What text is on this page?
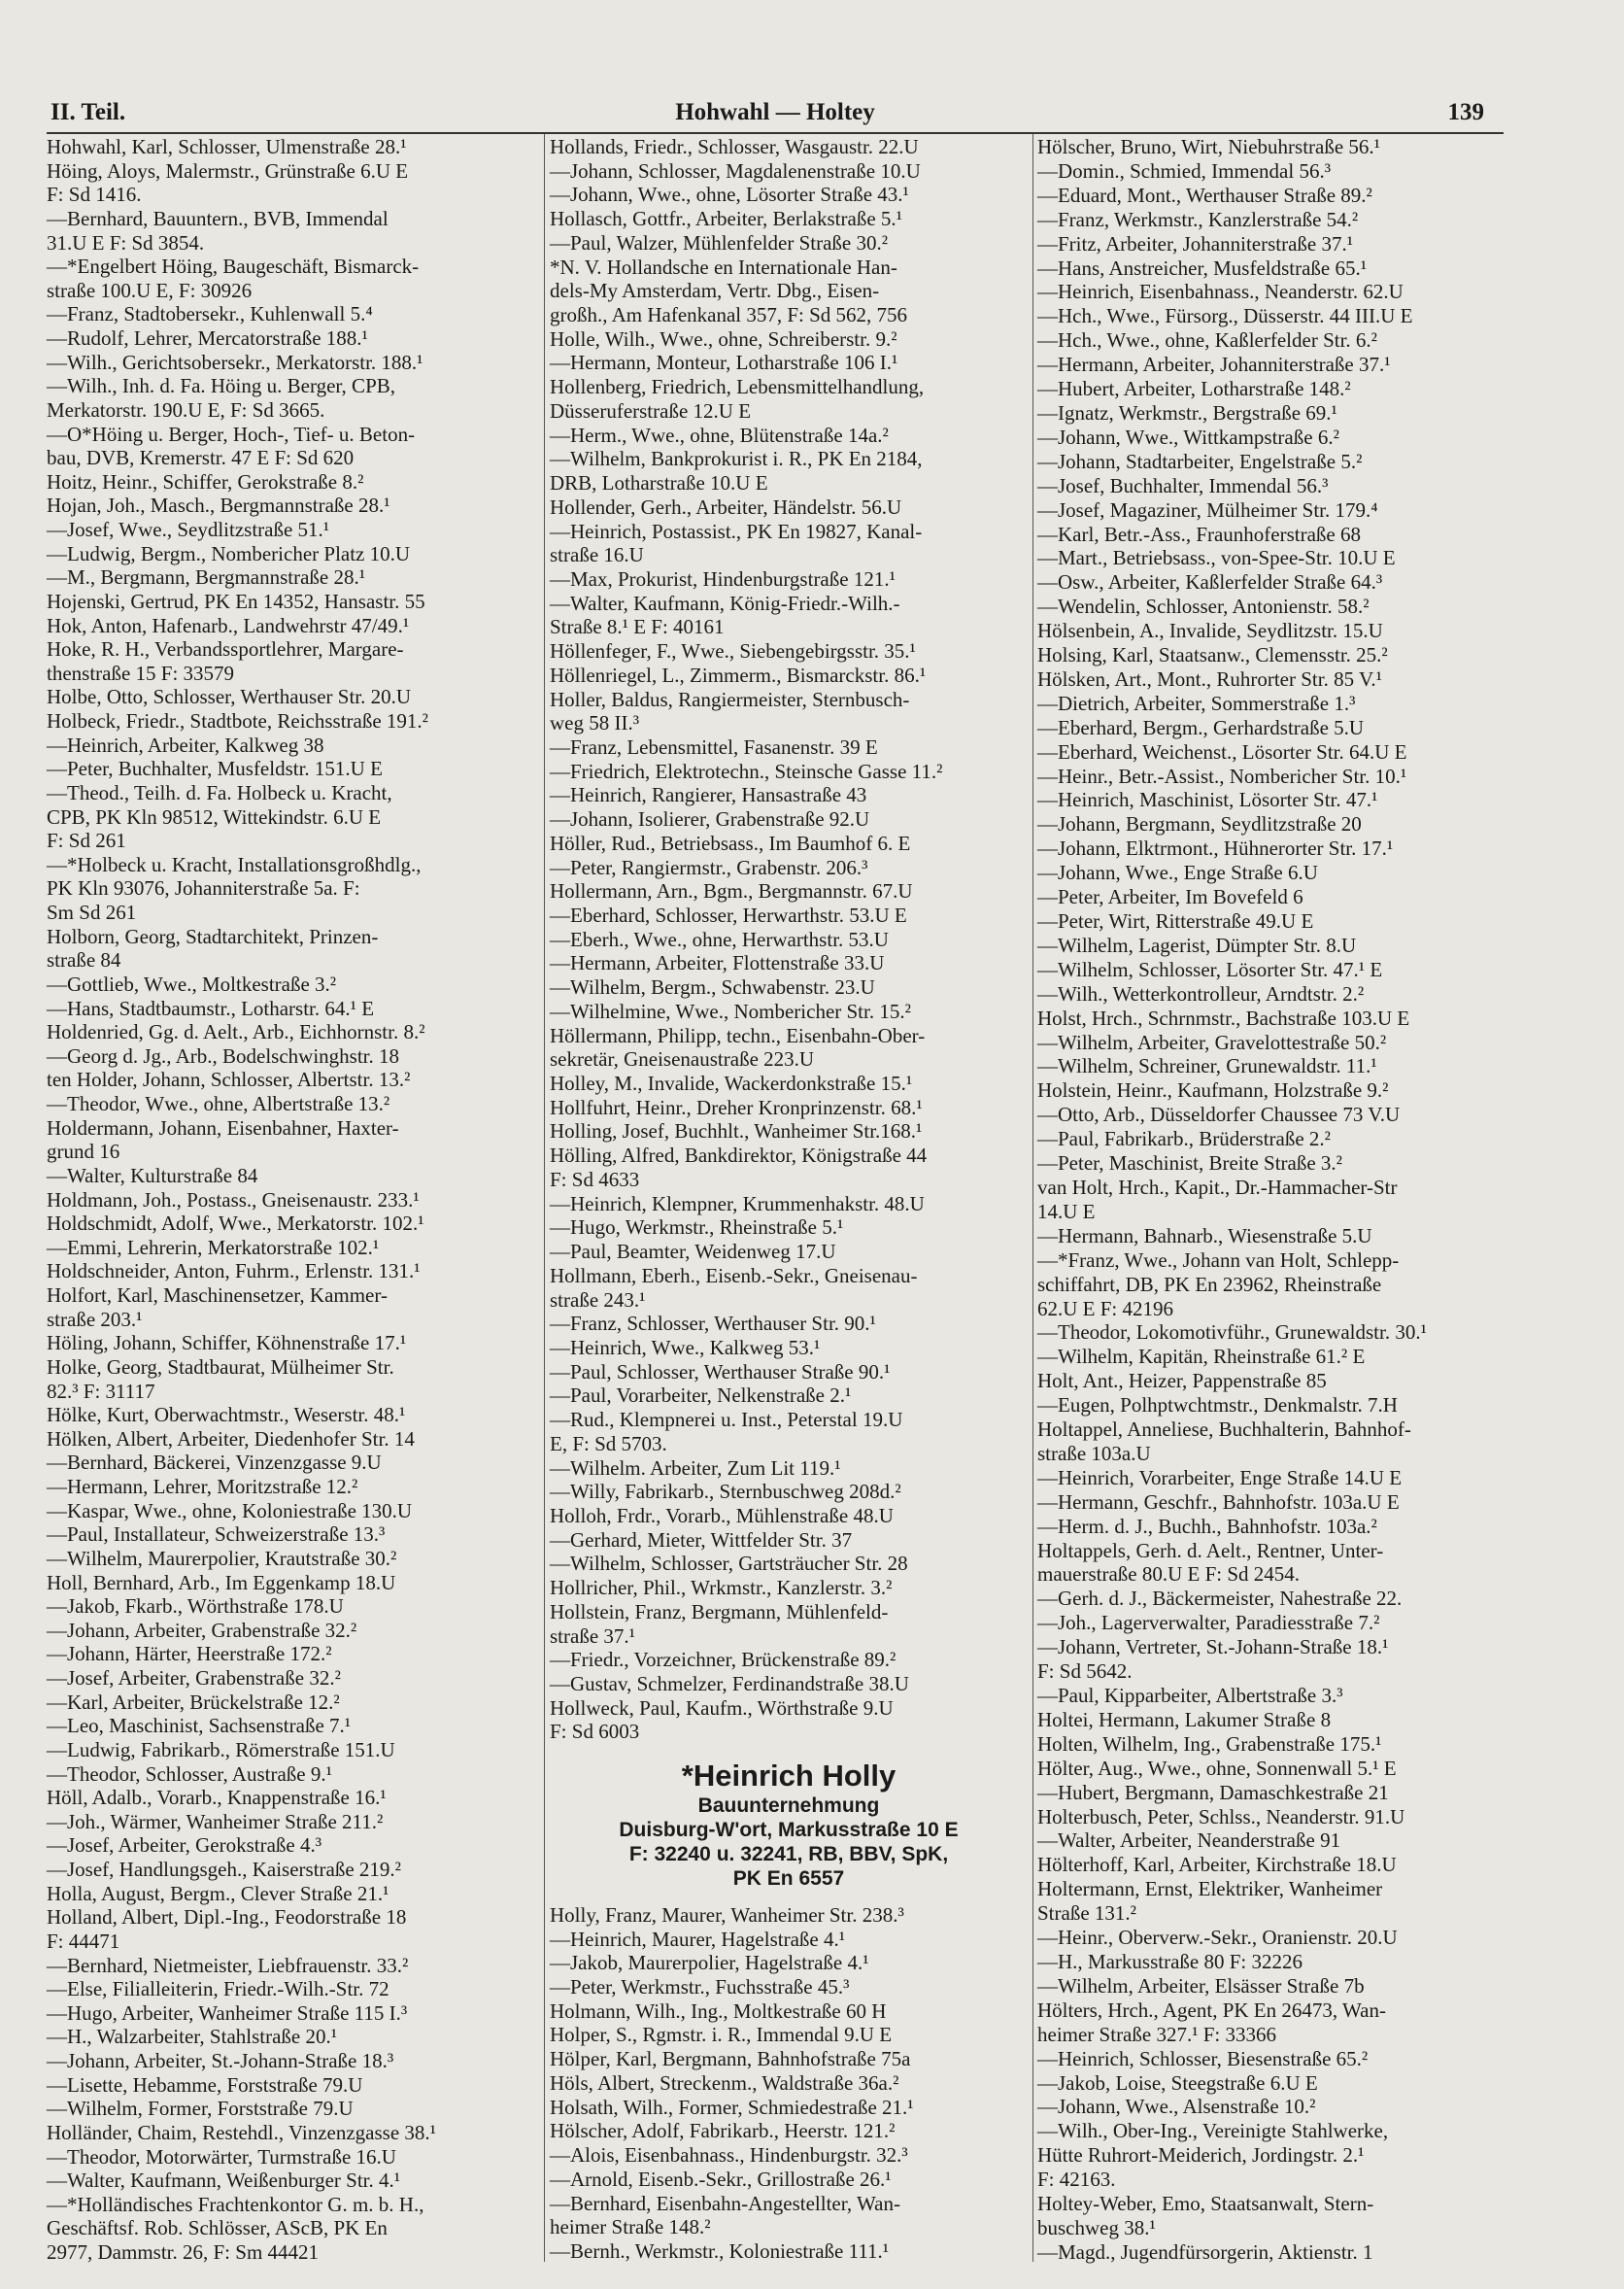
II. Teil.	Hohwahl — Holtey	139
Hohwahl, Karl, Schlosser, Ulmenstraße 28.¹
Höing, Aloys, Malermstr., Grünstraße 6.U E
F: Sd 1416.
—Bernhard, Bauuntern., BVB, Immendal
31.U E F: Sd 3854.
—*Engelbert Höing, Baugeschäft, Bismarck-
straße 100.U E, F: 30926
—Franz, Stadtobersekr., Kuhlenwall 5.⁴
—Rudolf, Lehrer, Mercatorstraße 188.¹
—Wilh., Gerichtsobersekr., Merkatorstr. 188.¹
—Wilh., Inh. d. Fa. Höing u. Berger, CPB,
Merkatorstr. 190.U E, F: Sd 3665.
—O*Höing u. Berger, Hoch-, Tief- u. Beton-
bau, DVB, Kremerstr. 47 E F: Sd 620
Hoitz, Heinr., Schiffer, Gerokstraße 8.²
Hojan, Joh., Masch., Bergmannstraße 28.¹
—Josef, Wwe., Seydlitzstraße 51.¹
—Ludwig, Bergm., Nombericher Platz 10.U
—M., Bergmann, Bergmannstraße 28.¹
Hojenski, Gertrud, PK En 14352, Hansastr. 55
Hok, Anton, Hafenarb., Landwehrstr 47/49.¹
Hoke, R. H., Verbandssportlehrer, Margare-
thenstraße 15 F: 33579
Holbe, Otto, Schlosser, Werthauser Str. 20.U
Holbeck, Friedr., Stadtbote, Reichsstraße 191.²
—Heinrich, Arbeiter, Kalkweg 38
—Peter, Buchhalter, Musfeldstr. 151.U E
—Theod., Teilh. d. Fa. Holbeck u. Kracht,
CPB, PK Kln 98512, Wittekindstr. 6.U E
F: Sd 261
—*Holbeck u. Kracht, Installationsgroßhdlg.,
PK Kln 93076, Johanniterstraße 5a. F:
Sm Sd 261
Holborn, Georg, Stadtarchitekt, Prinzen-
straße 84
—Gottlieb, Wwe., Moltkestraße 3.²
—Hans, Stadtbaumstr., Lotharstr. 64.¹ E
Holdenried, Gg. d. Aelt., Arb., Eichhornstr. 8.²
—Georg d. Jg., Arb., Bodelschwinghstr. 18
ten Holder, Johann, Schlosser, Albertstr. 13.²
—Theodor, Wwe., ohne, Albertstraße 13.²
Holdermann, Johann, Eisenbahner, Haxter-
grund 16
—Walter, Kulturstraße 84
Holdmann, Joh., Postass., Gneisenaustr. 233.¹
Holdschmidt, Adolf, Wwe., Merkatorstr. 102.¹
—Emmi, Lehrerin, Merkatorstraße 102.¹
Holdschneider, Anton, Fuhrm., Erlenstr. 131.¹
Holfort, Karl, Maschinensetzer, Kammer-
straße 203.¹
Höling, Johann, Schiffer, Köhnenstraße 17.¹
Holke, Georg, Stadtbaurat, Mülheimer Str.
82.³ F: 31117
Hölke, Kurt, Oberwachtmstr., Weserstr. 48.¹
Hölken, Albert, Arbeiter, Diedenhofer Str. 14
—Bernhard, Bäckerei, Vinzenzgasse 9.U
—Hermann, Lehrer, Moritzstraße 12.²
—Kaspar, Wwe., ohne, Koloniestraße 130.U
—Paul, Installateur, Schweizerstraße 13.³
—Wilhelm, Maurerpolier, Krautstraße 30.²
Holl, Bernhard, Arb., Im Eggenkamp 18.U
—Jakob, Fkarb., Wörthstraße 178.U
—Johann, Arbeiter, Grabenstraße 32.²
—Johann, Härter, Heerstraße 172.²
—Josef, Arbeiter, Grabenstraße 32.²
—Karl, Arbeiter, Brückelstraße 12.²
—Leo, Maschinist, Sachsenstraße 7.¹
—Ludwig, Fabrikarb., Römerstraße 151.U
—Theodor, Schlosser, Austraße 9.¹
Höll, Adalb., Vorarb., Knappenstraße 16.¹
—Joh., Wärmer, Wanheimer Straße 211.²
—Josef, Arbeiter, Gerokstraße 4.³
—Josef, Handlungsgeh., Kaiserstraße 219.²
Holla, August, Bergm., Clever Straße 21.¹
Holland, Albert, Dipl.-Ing., Feodorstraße 18
F: 44471
—Bernhard, Nietmeister, Liebfrauenstr. 33.²
—Else, Filialleiterin, Friedr.-Wilh.-Str. 72
—Hugo, Arbeiter, Wanheimer Straße 115 I.³
—H., Walzarbeiter, Stahlstraße 20.¹
—Johann, Arbeiter, St.-Johann-Straße 18.³
—Lisette, Hebamme, Forststraße 79.U
—Wilhelm, Former, Forststraße 79.U
Holländer, Chaim, Restehdl., Vinzenzgasse 38.¹
—Theodor, Motorwärter, Turmstraße 16.U
—Walter, Kaufmann, Weißenburger Str. 4.¹
—*Holländisches Frachtenkontor G. m. b. H.,
Geschäftsf. Rob. Schlösser, AScB, PK En
2977, Dammstr. 26, F: Sm 44421
Hollands, Friedr., Schlosser, Wasgaustr. 22.U
—Johann, Schlosser, Magdalenenstraße 10.U
—Johann, Wwe., ohne, Lösorter Straße 43.¹
Hollasch, Gottfr., Arbeiter, Berlakstraße 5.¹
—Paul, Walzer, Mühlenfelder Straße 30.²
*N. V. Hollandsche en Internationale Han-
dels-My Amsterdam, Vertr. Dbg., Eisen-
großh., Am Hafenkanal 357, F: Sd 562, 756
Holle, Wilh., Wwe., ohne, Schreiberstr. 9.²
—Hermann, Monteur, Lotharstraße 106 I.¹
Hollenberg, Friedrich, Lebensmittelhandlung,
Düsseruferstraße 12.U E
—Herm., Wwe., ohne, Blütenstraße 14a.²
—Wilhelm, Bankprokurist i. R., PK En 2184,
DRB, Lotharstraße 10.U E
Hollender, Gerh., Arbeiter, Händelstr. 56.U
—Heinrich, Postassist., PK En 19827, Kanal-
straße 16.U
—Max, Prokurist, Hindenburgstraße 121.¹
—Walter, Kaufmann, König-Friedr.-Wilh.-
Straße 8.¹ E F: 40161
Höllenfeger, F., Wwe., Siebengebirgsstr. 35.¹
Höllenriegel, L., Zimmerm., Bismarckstr. 86.¹
Holler, Baldus, Rangiermeister, Sternbusch-
weg 58 II.³
—Franz, Lebensmittel, Fasanenstr. 39 E
—Friedrich, Elektrotechn., Steinsche Gasse 11.²
—Heinrich, Rangierer, Hansastraße 43
—Johann, Isolierer, Grabenstraße 92.U
Höller, Rud., Betriebsass., Im Baumhof 6. E
—Peter, Rangiermstr., Grabenstr. 206.³
Hollermann, Arn., Bgm., Bergmannstr. 67.U
—Eberhard, Schlosser, Herwarthstr. 53.U E
—Eberh., Wwe., ohne, Herwarthstr. 53.U
—Hermann, Arbeiter, Flottenstraße 33.U
—Wilhelm, Bergm., Schwabenstr. 23.U
—Wilhelmine, Wwe., Nombericher Str. 15.²
Höllermann, Philipp, techn., Eisenbahn-Ober-
sekretär, Gneisenaustraße 223.U
Holley, M., Invalide, Wackerdonkstraße 15.¹
Hollfuhrt, Heinr., Dreher Kronprinzenstr. 68.¹
Holling, Josef, Buchhlt., Wanheimer Str.168.¹
Hölling, Alfred, Bankdirektor, Königstraße 44
F: Sd 4633
—Heinrich, Klempner, Krummenhakstr. 48.U
—Hugo, Werkmstr., Rheinstraße 5.¹
—Paul, Beamter, Weidenweg 17.U
Hollmann, Eberh., Eisenb.-Sekr., Gneisenau-
straße 243.¹
—Franz, Schlosser, Werthauser Str. 90.¹
—Heinrich, Wwe., Kalkweg 53.¹
—Paul, Schlosser, Werthauser Straße 90.¹
—Paul, Vorarbeiter, Nelkenstraße 2.¹
—Rud., Klempnerei u. Inst., Peterstal 19.U
E, F: Sd 5703.
—Wilhelm. Arbeiter, Zum Lit 119.¹
—Willy, Fabrikarb., Sternbuschweg 208d.²
Holloh, Frdr., Vorarb., Mühlenstraße 48.U
—Gerhard, Mieter, Wittfelder Str. 37
—Wilhelm, Schlosser, Gartsträucher Str. 28
Hollricher, Phil., Wrkmstr., Kanzlerstr. 3.²
Hollstein, Franz, Bergmann, Mühlenfeld-
straße 37.¹
—Friedr., Vorzeichner, Brückenstraße 89.²
—Gustav, Schmelzer, Ferdinandstraße 38.U
Hollweck, Paul, Kaufm., Wörthstraße 9.U
F: Sd 6003
*Heinrich Holly
Bauunternehmung
Duisburg-W'ort, Markusstraße 10 E
F: 32240 u. 32241, RB, BBV, SpK,
PK En 6557
Holly, Franz, Maurer, Wanheimer Str. 238.³
—Heinrich, Maurer, Hagelstraße 4.¹
—Jakob, Maurerpolier, Hagelstraße 4.¹
—Peter, Werkmstr., Fuchsstraße 45.³
Holmann, Wilh., Ing., Moltkestraße 60 H
Holper, S., Rgmstr. i. R., Immendal 9.U E
Hölper, Karl, Bergmann, Bahnhofstraße 75a
Höls, Albert, Streckenm., Waldstraße 36a.²
Holsath, Wilh., Former, Schmiedestraße 21.¹
Hölscher, Adolf, Fabrikarb., Heerstr. 121.²
—Alois, Eisenbahnass., Hindenburgstr. 32.³
—Arnold, Eisenb.-Sekr., Grillostraße 26.¹
—Bernhard, Eisenbahn-Angestellter, Wan-
heimer Straße 148.²
—Bernh., Werkmstr., Koloniestraße 111.¹
Hölscher, Bruno, Wirt, Niebuhrstraße 56.¹
—Domin., Schmied, Immendal 56.³
—Eduard, Mont., Werthauser Straße 89.²
—Franz, Werkmstr., Kanzlerstraße 54.²
—Fritz, Arbeiter, Johanniterstraße 37.¹
—Hans, Anstreicher, Musfeldstraße 65.¹
—Heinrich, Eisenbahnass., Neanderstr. 62.U
—Hch., Wwe., Fürsorg., Düsserstr. 44 III.U E
—Hch., Wwe., ohne, Kaßlerfelder Str. 6.²
—Hermann, Arbeiter, Johanniterstraße 37.¹
—Hubert, Arbeiter, Lotharstraße 148.²
—Ignatz, Werkmstr., Bergstraße 69.¹
—Johann, Wwe., Wittkampstraße 6.²
—Johann, Stadtarbeiter, Engelstraße 5.²
—Josef, Buchhalter, Immendal 56.³
—Josef, Magaziner, Mülheimer Str. 179.⁴
—Karl, Betr.-Ass., Fraunhoferstraße 68
—Mart., Betriebsass., von-Spee-Str. 10.U E
—Osw., Arbeiter, Kaßlerfelder Straße 64.³
—Wendelin, Schlosser, Antonienstr. 58.²
Hölsenbein, A., Invalide, Seydlitzstr. 15.U
Holsing, Karl, Staatsanw., Clemensstr. 25.²
Hölsken, Art., Mont., Ruhrorter Str. 85 V.¹
—Dietrich, Arbeiter, Sommerstraße 1.³
—Eberhard, Bergm., Gerhardstraße 5.U
—Eberhard, Weichenst., Lösorter Str. 64.U E
—Heinr., Betr.-Assist., Nombericher Str. 10.¹
—Heinrich, Maschinist, Lösorter Str. 47.¹
—Johann, Bergmann, Seydlitzstraße 20
—Johann, Elktrmont., Hühnerorter Str. 17.¹
—Johann, Wwe., Enge Straße 6.U
—Peter, Arbeiter, Im Bovefeld 6
—Peter, Wirt, Ritterstraße 49.U E
—Wilhelm, Lagerist, Dümpter Str. 8.U
—Wilhelm, Schlosser, Lösorter Str. 47.¹ E
—Wilh., Wetterkontrolleur, Arndtstr. 2.²
Holst, Hrch., Schrnmstr., Bachstraße 103.U E
—Wilhelm, Arbeiter, Gravelottestraße 50.²
—Wilhelm, Schreiner, Grunewaldstr. 11.¹
Holstein, Heinr., Kaufmann, Holzstraße 9.²
—Otto, Arb., Düsseldorfer Chaussee 73 V.U
—Paul, Fabrikarb., Brüderstraße 2.²
—Peter, Maschinist, Breite Straße 3.²
van Holt, Hrch., Kapit., Dr.-Hammacher-Str
14.U E
—Hermann, Bahnarb., Wiesenstraße 5.U
—*Franz, Wwe., Johann van Holt, Schlepp-
schiffahrt, DB, PK En 23962, Rheinstraße
62.U E F: 42196
—Theodor, Lokomotivführ., Grunewaldstr. 30.¹
—Wilhelm, Kapitän, Rheinstraße 61.² E
Holt, Ant., Heizer, Pappenstraße 85
—Eugen, Polhptwchtmstr., Denkmalstr. 7.H
Holtappel, Anneliese, Buchhalterin, Bahnhof-
straße 103a.U
—Heinrich, Vorarbeiter, Enge Straße 14.U E
—Hermann, Geschfr., Bahnhofstr. 103a.U E
—Herm. d. J., Buchh., Bahnhofstr. 103a.²
Holtappels, Gerh. d. Aelt., Rentner, Unter-
mauerstraße 80.U E F: Sd 2454.
—Gerh. d. J., Bäckermeister, Nahestraße 22.
—Joh., Lagerverwalter, Paradiesstraße 7.²
—Johann, Vertreter, St.-Johann-Straße 18.¹
F: Sd 5642.
—Paul, Kipparbeiter, Albertstraße 3.³
Holtei, Hermann, Lakumer Straße 8
Holten, Wilhelm, Ing., Grabenstraße 175.¹
Hölter, Aug., Wwe., ohne, Sonnenwall 5.¹ E
—Hubert, Bergmann, Damaschkestraße 21
Holterbusch, Peter, Schlss., Neanderstr. 91.U
—Walter, Arbeiter, Neanderstraße 91
Hölterhoff, Karl, Arbeiter, Kirchstraße 18.U
Holtermann, Ernst, Elektriker, Wanheimer
Straße 131.²
—Heinr., Oberverw.-Sekr., Oranienstr. 20.U
—H., Markusstraße 80 F: 32226
—Wilhelm, Arbeiter, Elsässer Straße 7b
Hölters, Hrch., Agent, PK En 26473, Wan-
heimer Straße 327.¹ F: 33366
—Heinrich, Schlosser, Biesenstraße 65.²
—Jakob, Loise, Steegstraße 6.U E
—Johann, Wwe., Alsenstraße 10.²
—Wilh., Ober-Ing., Vereinigte Stahlwerke,
Hütte Ruhrort-Meiderich, Jordingstr. 2.¹
F: 42163.
Holtey-Weber, Emo, Staatsanwalt, Stern-
buschweg 38.¹
—Magd., Jugendfürsorgerin, Aktienstr. 1
